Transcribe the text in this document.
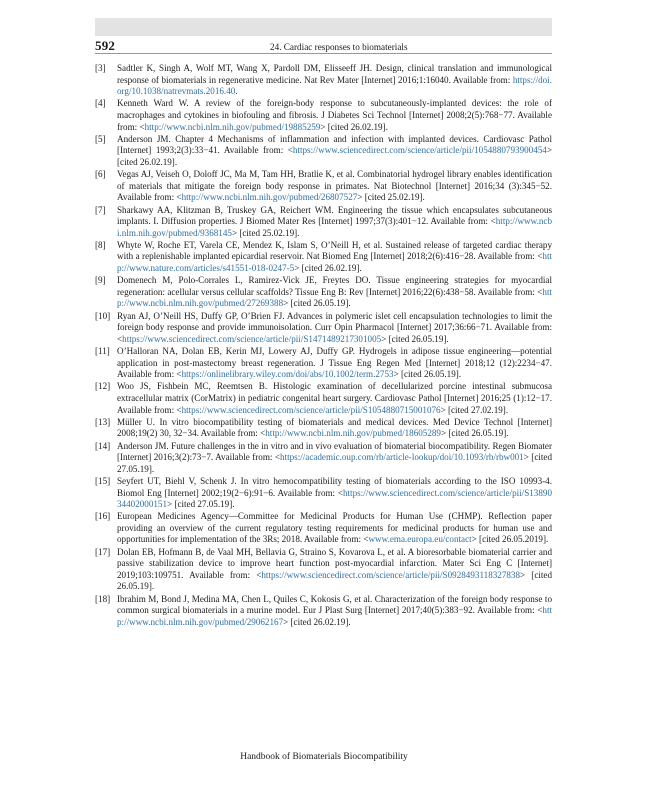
592	24. Cardiac responses to biomaterials
[3]	Sadtler K, Singh A, Wolf MT, Wang X, Pardoll DM, Elisseeff JH. Design, clinical translation and immunological response of biomaterials in regenerative medicine. Nat Rev Mater [Internet] 2016;1:16040. Available from: https://doi.org/10.1038/natrevmats.2016.40.
[4]	Kenneth Ward W. A review of the foreign-body response to subcutaneously-implanted devices: the role of macrophages and cytokines in biofouling and fibrosis. J Diabetes Sci Technol [Internet] 2008;2(5):768−77. Available from: <http://www.ncbi.nlm.nih.gov/pubmed/19885259> [cited 26.02.19].
[5]	Anderson JM. Chapter 4 Mechanisms of inflammation and infection with implanted devices. Cardiovasc Pathol [Internet] 1993;2(3):33−41. Available from: <https://www.sciencedirect.com/science/article/pii/1054880793900454> [cited 26.02.19].
[6]	Vegas AJ, Veiseh O, Doloff JC, Ma M, Tam HH, Bratlie K, et al. Combinatorial hydrogel library enables identification of materials that mitigate the foreign body response in primates. Nat Biotechnol [Internet] 2016;34 (3):345−52. Available from: <http://www.ncbi.nlm.nih.gov/pubmed/26807527> [cited 25.02.19].
[7]	Sharkawy AA, Klitzman B, Truskey GA, Reichert WM. Engineering the tissue which encapsulates subcutaneous implants. I. Diffusion properties. J Biomed Mater Res [Internet] 1997;37(3):401−12. Available from: <http://www.ncbi.nlm.nih.gov/pubmed/9368145> [cited 25.02.19].
[8]	Whyte W, Roche ET, Varela CE, Mendez K, Islam S, O’Neill H, et al. Sustained release of targeted cardiac therapy with a replenishable implanted epicardial reservoir. Nat Biomed Eng [Internet] 2018;2(6):416−28. Available from: <http://www.nature.com/articles/s41551-018-0247-5> [cited 26.02.19].
[9]	Domenech M, Polo-Corrales L, Ramirez-Vick JE, Freytes DO. Tissue engineering strategies for myocardial regeneration: acellular versus cellular scaffolds? Tissue Eng B: Rev [Internet] 2016;22(6):438−58. Available from: <http://www.ncbi.nlm.nih.gov/pubmed/27269388> [cited 26.05.19].
[10] Ryan AJ, O’Neill HS, Duffy GP, O’Brien FJ. Advances in polymeric islet cell encapsulation technologies to limit the foreign body response and provide immunoisolation. Curr Opin Pharmacol [Internet] 2017;36:66−71. Available from: <https://www.sciencedirect.com/science/article/pii/S1471489217301005> [cited 26.05.19].
[11] O’Halloran NA, Dolan EB, Kerin MJ, Lowery AJ, Duffy GP. Hydrogels in adipose tissue engineering—potential application in post-mastectomy breast regeneration. J Tissue Eng Regen Med [Internet] 2018;12 (12):2234−47. Available from: <https://onlinelibrary.wiley.com/doi/abs/10.1002/term.2753> [cited 26.05.19].
[12] Woo JS, Fishbein MC, Reemtsen B. Histologic examination of decellularized porcine intestinal submucosa extracellular matrix (CorMatrix) in pediatric congenital heart surgery. Cardiovasc Pathol [Internet] 2016;25 (1):12−17. Available from: <https://www.sciencedirect.com/science/article/pii/S1054880715001076> [cited 27.02.19].
[13] Müller U. In vitro biocompatibility testing of biomaterials and medical devices. Med Device Technol [Internet] 2008;19(2) 30, 32−34. Available from: <http://www.ncbi.nlm.nih.gov/pubmed/18605289> [cited 26.05.19].
[14] Anderson JM. Future challenges in the in vitro and in vivo evaluation of biomaterial biocompatibility. Regen Biomater [Internet] 2016;3(2):73−7. Available from: <https://academic.oup.com/rb/article-lookup/doi/10.1093/rb/rbw001> [cited 27.05.19].
[15] Seyfert UT, Biehl V, Schenk J. In vitro hemocompatibility testing of biomaterials according to the ISO 10993-4. Biomol Eng [Internet] 2002;19(2−6):91−6. Available from: <https://www.sciencedirect.com/science/article/pii/S1389034402000151> [cited 27.05.19].
[16] European Medicines Agency—Committee for Medicinal Products for Human Use (CHMP). Reflection paper providing an overview of the current regulatory testing requirements for medicinal products for human use and opportunities for implementation of the 3Rs; 2018. Available from: <www.ema.europa.eu/contact> [cited 26.05.2019].
[17] Dolan EB, Hofmann B, de Vaal MH, Bellavia G, Straino S, Kovarova L, et al. A bioresorbable biomaterial carrier and passive stabilization device to improve heart function post-myocardial infarction. Mater Sci Eng C [Internet] 2019;103:109751. Available from: <https://www.sciencedirect.com/science/article/pii/S0928493118327838> [cited 26.05.19].
[18] Ibrahim M, Bond J, Medina MA, Chen L, Quiles C, Kokosis G, et al. Characterization of the foreign body response to common surgical biomaterials in a murine model. Eur J Plast Surg [Internet] 2017;40(5):383−92. Available from: <http://www.ncbi.nlm.nih.gov/pubmed/29062167> [cited 26.02.19].
Handbook of Biomaterials Biocompatibility
